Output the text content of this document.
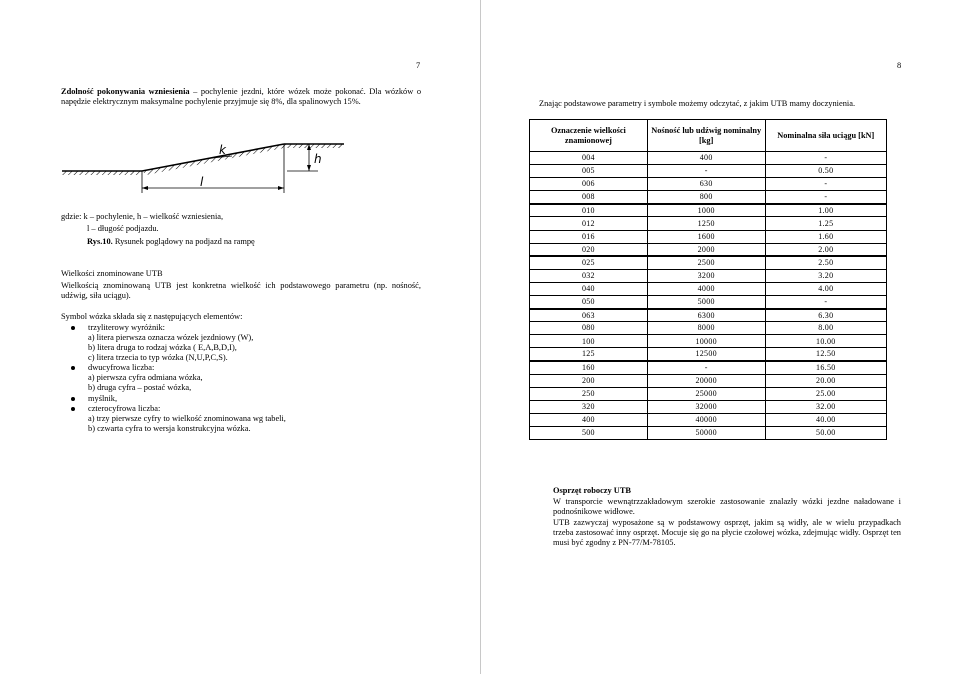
7
Zdolność pokonywania wzniesienia – pochylenie jezdni, które wózek może pokonać. Dla wózków o napędzie elektrycznym maksymalne pochylenie przyjmuje się 8%, dla spalinowych 15%.
k
h
l
gdzie: k – pochylenie, h – wielkość wzniesienia,
l – długość podjazdu.
Rys.10. Rysunek poglądowy na podjazd na rampę
Wielkości znominowane UTB
Wielkością znominowaną UTB jest konkretna wielkość ich podstawowego parametru (np. nośność, udźwig, siła uciągu).
Symbol wózka składa się z następujących elementów:
trzyliterowy wyróżnik:
a) litera pierwsza oznacza wózek jezdniowy (W),
b) litera druga to rodzaj wózka ( E,A,B,D,I),
c) litera trzecia to typ wózka (N,U,P,C,S).
dwucyfrowa liczba:
a) pierwsza cyfra odmiana wózka,
b) druga cyfra – postać wózka,
myślnik,
czterocyfrowa liczba:
a) trzy pierwsze cyfry to wielkość znominowana wg tabeli,
b) czwarta cyfra to wersja konstrukcyjna wózka.
8
Znając podstawowe parametry i symbole możemy odczytać, z jakim UTB mamy doczynienia.
Osprzęt roboczy UTB
W transporcie wewnątrzzakładowym szerokie zastosowanie znalazły wózki jezdne naładowane i podnośnikowe widłowe.
UTB zazwyczaj wyposażone są w podstawowy osprzęt, jakim są widły, ale w wielu przypadkach trzeba zastosować inny osprzęt. Mocuje się go na płycie czołowej wózka, zdejmując widły. Osprzęt ten musi być zgodny z PN-77/M-78105.
Oznaczenie wielkości znamionowej	Nośność lub udźwig nominalny [kg]	Nominalna siła uciągu [kN]
004	400	-
005	-	0.50
006	630	-
008	800	-
010	1000	1.00
012	1250	1.25
016	1600	1.60
020	2000	2.00
025	2500	2.50
032	3200	3.20
040	4000	4.00
050	5000	-
063	6300	6.30
080	8000	8.00
100	10000	10.00
125	12500	12.50
160	-	16.50
200	20000	20.00
250	25000	25.00
320	32000	32.00
400	40000	40.00
500	50000	50.00
